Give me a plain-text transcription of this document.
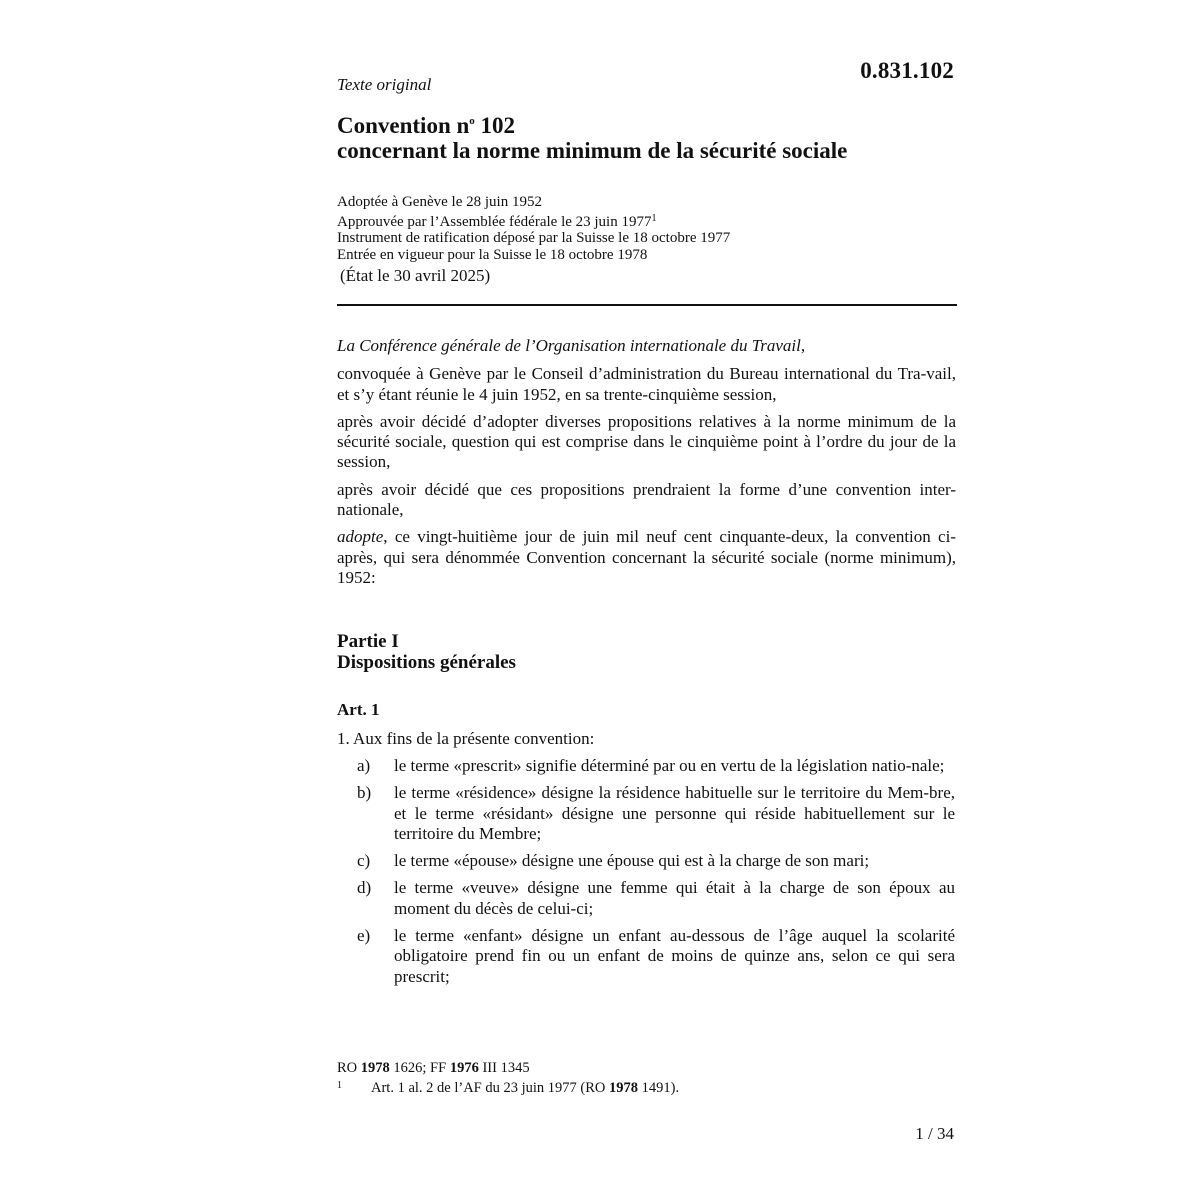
0.831.102
Texte original
Convention $n^o$ 102
concernant la norme minimum de la sécurité sociale
Adoptée à Genève le 28 juin 1952
Approuvée par l’Assemblée fédérale le 23 juin 1977$^1$
Instrument de ratification déposé par la Suisse le 18 octobre 1977
Entrée en vigueur pour la Suisse le 18 octobre 1978
(État le 30 avril 2025)

La Conférence générale de l’Organisation internationale du Travail,

convoquée à Genève par le Conseil d’administration du Bureau international du Tra-vail, et s’y étant réunie le 4 juin 1952, en sa trente-cinquième session,

après avoir décidé d’adopter diverses propositions relatives à la norme minimum de la sécurité sociale, question qui est comprise dans le cinquième point à l’ordre du jour de la session,

après avoir décidé que ces propositions prendraient la forme d’une convention inter-nationale,

adopte, ce vingt-huitième jour de juin mil neuf cent cinquante-deux, la convention ci-après, qui sera dénommée Convention concernant la sécurité sociale (norme minimum), 1952:

Partie I
Dispositions générales
Art. 1
1. Aux fins de la présente convention:
a)	le terme «prescrit» signifie déterminé par ou en vertu de la législation natio-nale;
b)	le terme «résidence» désigne la résidence habituelle sur le territoire du Mem-bre, et le terme «résidant» désigne une personne qui réside habituellement sur le territoire du Membre;
c)	le terme «épouse» désigne une épouse qui est à la charge de son mari;
d)	le terme «veuve» désigne une femme qui était à la charge de son époux au moment du décès de celui-ci;
e)	le terme «enfant» désigne un enfant au-dessous de l’âge auquel la scolarité obligatoire prend fin ou un enfant de moins de quinze ans, selon ce qui sera prescrit;
RO 1978 1626; FF 1976 III 1345
1 Art. 1 al. 2 de l’AF du 23 juin 1977 (RO 1978 1491).
1 / 34
